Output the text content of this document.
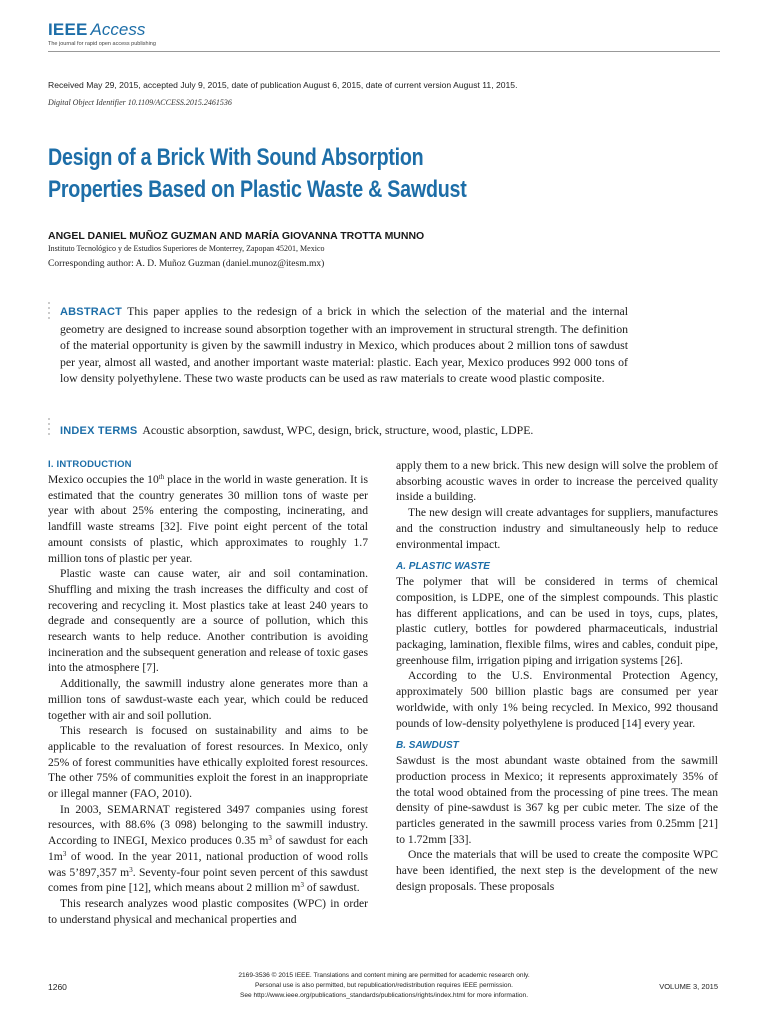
IEEE Access
The journal for rapid open access publishing
Received May 29, 2015, accepted July 9, 2015, date of publication August 6, 2015, date of current version August 11, 2015.
Digital Object Identifier 10.1109/ACCESS.2015.2461536
Design of a Brick With Sound Absorption
Properties Based on Plastic Waste & Sawdust
ANGEL DANIEL MUÑOZ GUZMAN AND MARÍA GIOVANNA TROTTA MUNNO
Instituto Tecnológico y de Estudios Superiores de Monterrey, Zapopan 45201, Mexico
Corresponding author: A. D. Muñoz Guzman (daniel.munoz@itesm.mx)
ABSTRACT This paper applies to the redesign of a brick in which the selection of the material and the internal geometry are designed to increase sound absorption together with an improvement in structural strength. The definition of the material opportunity is given by the sawmill industry in Mexico, which produces about 2 million tons of sawdust per year, almost all wasted, and another important waste material: plastic. Each year, Mexico produces 992 000 tons of low density polyethylene. These two waste products can be used as raw materials to create wood plastic composite.
INDEX TERMS Acoustic absorption, sawdust, WPC, design, brick, structure, wood, plastic, LDPE.

I. INTRODUCTION

Mexico occupies the 10th place in the world in waste generation. It is estimated that the country generates 30 million tons of waste per year with about 25% entering the composting, incinerating, and landfill waste streams [32]. Five point eight percent of the total amount consists of plastic, which approximates to roughly 1.7 million tons of plastic per year.

Plastic waste can cause water, air and soil contamination. Shuffling and mixing the trash increases the difficulty and cost of recovering and recycling it. Most plastics take at least 240 years to degrade and consequently are a source of pollution, which this research wants to help reduce. Another contribution is avoiding incineration and the subsequent generation and release of toxic gases into the atmosphere [7].

Additionally, the sawmill industry alone generates more than a million tons of sawdust-waste each year, which could be reduced together with air and soil pollution.

This research is focused on sustainability and aims to be applicable to the revaluation of forest resources. In Mexico, only 25% of forest communities have ethically exploited forest resources. The other 75% of communities exploit the forest in an inappropriate or illegal manner (FAO, 2010).

In 2003, SEMARNAT registered 3497 companies using forest resources, with 88.6% (3 098) belonging to the sawmill industry. According to INEGI, Mexico produces 0.35 $m^3$ of sawdust for each $1m^3$ of wood. In the year 2011, national production of wood rolls was 5’897,357 $m^3$. Seventy-four point seven percent of this sawdust comes from pine [12], which means about 2 million $m^3$ of sawdust.

This research analyzes wood plastic composites (WPC) in order to understand physical and mechanical properties and

apply them to a new brick. This new design will solve the problem of absorbing acoustic waves in order to increase the perceived quality inside a building.

The new design will create advantages for suppliers, manufactures and the construction industry and simultaneously help to reduce environmental impact.

A. PLASTIC WASTE

The polymer that will be considered in terms of chemical composition, is LDPE, one of the simplest compounds. This plastic has different applications, and can be used in toys, cups, plates, plastic cutlery, bottles for powdered pharmaceuticals, industrial packaging, lamination, flexible films, wires and cables, conduit pipe, greenhouse film, irrigation piping and irrigation systems [26].

According to the U.S. Environmental Protection Agency, approximately 500 billion plastic bags are consumed per year worldwide, with only 1% being recycled. In Mexico, 992 thousand pounds of low-density polyethylene is produced [14] every year.

B. SAWDUST

Sawdust is the most abundant waste obtained from the sawmill production process in Mexico; it represents approximately 35% of the total wood obtained from the processing of pine trees. The mean density of pine-sawdust is 367 kg per cubic meter. The size of the particles generated in the sawmill process varies from 0.25mm [21] to 1.72mm [33].

Once the materials that will be used to create the composite WPC have been identified, the next step is the development of the new design proposals. These proposals

1260
2169-3536 © 2015 IEEE. Translations and content mining are permitted for academic research only.
Personal use is also permitted, but republication/redistribution requires IEEE permission.
See http://www.ieee.org/publications_standards/publications/rights/index.html for more information.
VOLUME 3, 2015
